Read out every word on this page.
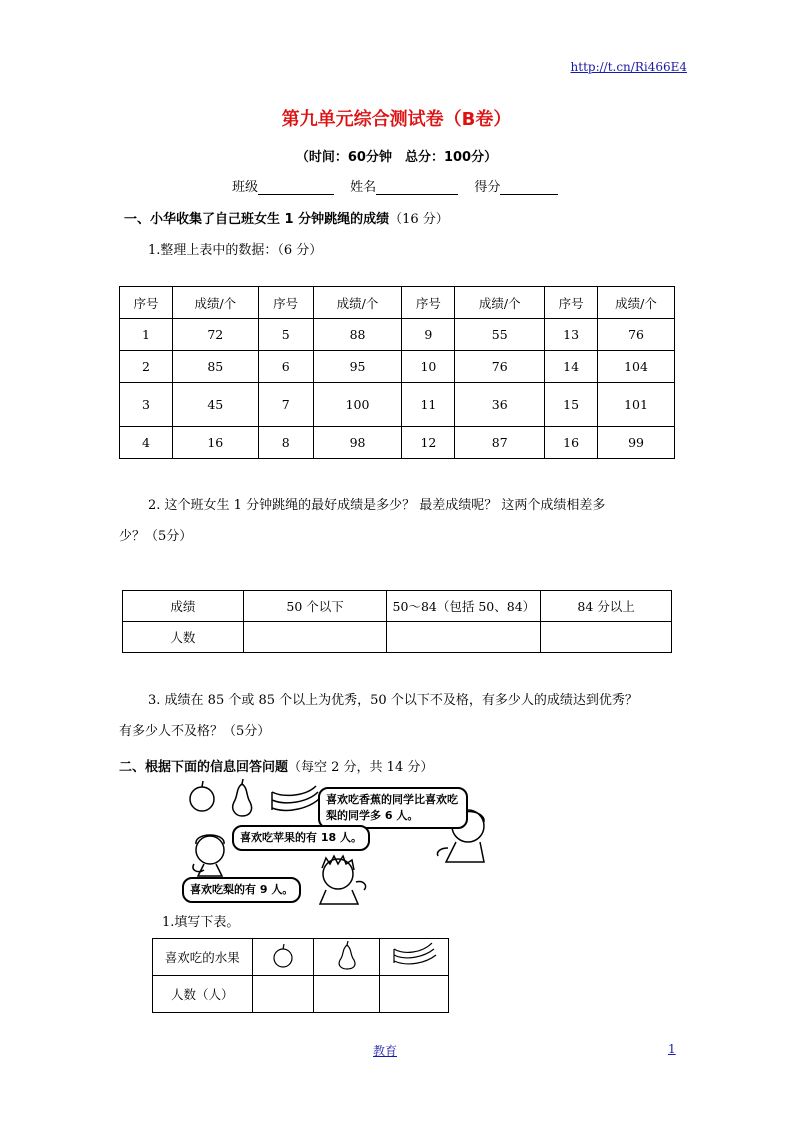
http://t.cn/Ri466E4
第九单元综合测试卷（B卷）
（时间：60分钟　总分：100分）
班级	姓名	得分
一、小华收集了自己班女生 1 分钟跳绳的成绩（16 分）
1.整理上表中的数据：（6 分）
序号	成绩/个	序号	成绩/个	序号	成绩/个	序号	成绩/个
1	72	5	88	9	55	13	76
2	85	6	95	10	76	14	104
3	45	7	100	11	36	15	101
4	16	8	98	12	87	16	99
2. 这个班女生 1 分钟跳绳的最好成绩是多少？ 最差成绩呢？ 这两个成绩相差多
少？（5分）
成绩	50 个以下	50～84（包括 50、84）	84 分以上
人数			
3. 成绩在 85 个或 85 个以上为优秀，50 个以下不及格，有多少人的成绩达到优秀？
有多少人不及格？（5分）
二、根据下面的信息回答问题（每空 2 分，共 14 分）
喜欢吃香蕉的同学比喜欢吃梨的同学多 6 人。
喜欢吃苹果的有 18 人。
喜欢吃梨的有 9 人。
1.填写下表。
喜欢吃的水果			
人数（人）			
教育	1
